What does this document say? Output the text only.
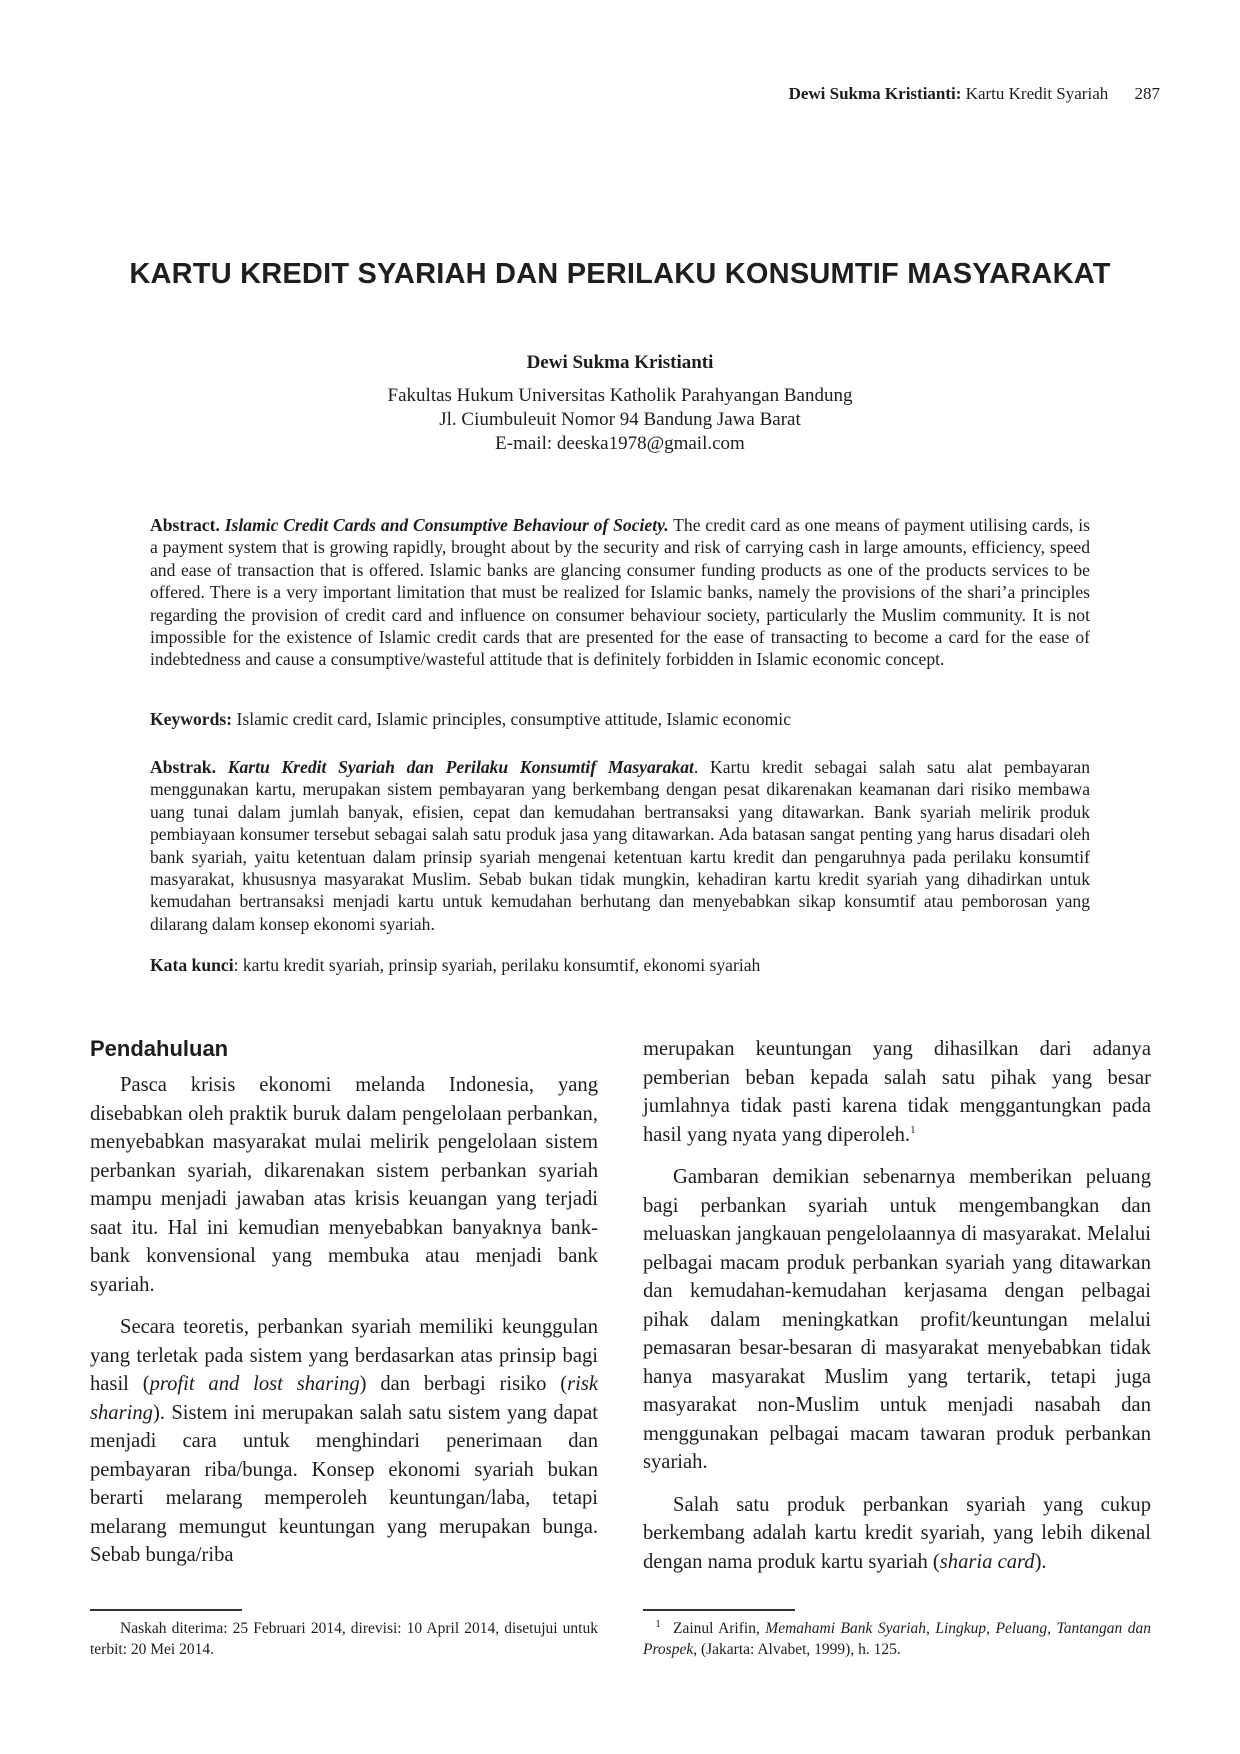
Dewi Sukma Kristianti: Kartu Kredit Syariah 287
KARTU KREDIT SYARIAH DAN PERILAKU KONSUMTIF MASYARAKAT
Dewi Sukma Kristianti
Fakultas Hukum Universitas Katholik Parahyangan Bandung
Jl. Ciumbuleuit Nomor 94 Bandung Jawa Barat
E-mail: deeska1978@gmail.com

Abstract. Islamic Credit Cards and Consumptive Behaviour of Society. The credit card as one means of payment utilising cards, is a payment system that is growing rapidly, brought about by the security and risk of carrying cash in large amounts, efficiency, speed and ease of transaction that is offered. Islamic banks are glancing consumer funding products as one of the products services to be offered. There is a very important limitation that must be realized for Islamic banks, namely the provisions of the shari’a principles regarding the provision of credit card and influence on consumer behaviour society, particularly the Muslim community. It is not impossible for the existence of Islamic credit cards that are presented for the ease of transacting to become a card for the ease of indebtedness and cause a consumptive/wasteful attitude that is definitely forbidden in Islamic economic concept.

Keywords: Islamic credit card, Islamic principles, consumptive attitude, Islamic economic

Abstrak. Kartu Kredit Syariah dan Perilaku Konsumtif Masyarakat. Kartu kredit sebagai salah satu alat pembayaran menggunakan kartu, merupakan sistem pembayaran yang berkembang dengan pesat dikarenakan keamanan dari risiko membawa uang tunai dalam jumlah banyak, efisien, cepat dan kemudahan bertransaksi yang ditawarkan. Bank syariah melirik produk pembiayaan konsumer tersebut sebagai salah satu produk jasa yang ditawarkan. Ada batasan sangat penting yang harus disadari oleh bank syariah, yaitu ketentuan dalam prinsip syariah mengenai ketentuan kartu kredit dan pengaruhnya pada perilaku konsumtif masyarakat, khususnya masyarakat Muslim. Sebab bukan tidak mungkin, kehadiran kartu kredit syariah yang dihadirkan untuk kemudahan bertransaksi menjadi kartu untuk kemudahan berhutang dan menyebabkan sikap konsumtif atau pemborosan yang dilarang dalam konsep ekonomi syariah.

Kata kunci: kartu kredit syariah, prinsip syariah, perilaku konsumtif, ekonomi syariah

Pendahuluan

Pasca krisis ekonomi melanda Indonesia, yang disebabkan oleh praktik buruk dalam pengelolaan perbankan, menyebabkan masyarakat mulai melirik pengelolaan sistem perbankan syariah, dikarenakan sistem perbankan syariah mampu menjadi jawaban atas krisis keuangan yang terjadi saat itu. Hal ini kemudian menyebabkan banyaknya bank-bank konvensional yang membuka atau menjadi bank syariah.

Secara teoretis, perbankan syariah memiliki keunggulan yang terletak pada sistem yang berdasarkan atas prinsip bagi hasil (profit and lost sharing) dan berbagi risiko (risk sharing). Sistem ini merupakan salah satu sistem yang dapat menjadi cara untuk menghindari penerimaan dan pembayaran riba/bunga. Konsep ekonomi syariah bukan berarti melarang memperoleh keuntungan/laba, tetapi melarang memungut keuntungan yang merupakan bunga. Sebab bunga/riba

merupakan keuntungan yang dihasilkan dari adanya pemberian beban kepada salah satu pihak yang besar jumlahnya tidak pasti karena tidak menggantungkan pada hasil yang nyata yang diperoleh.$^1$

Gambaran demikian sebenarnya memberikan peluang bagi perbankan syariah untuk mengembangkan dan meluaskan jangkauan pengelolaannya di masyarakat. Melalui pelbagai macam produk perbankan syariah yang ditawarkan dan kemudahan-kemudahan kerjasama dengan pelbagai pihak dalam meningkatkan profit/keuntungan melalui pemasaran besar-besaran di masyarakat menyebabkan tidak hanya masyarakat Muslim yang tertarik, tetapi juga masyarakat non-Muslim untuk menjadi nasabah dan menggunakan pelbagai macam tawaran produk perbankan syariah.

Salah satu produk perbankan syariah yang cukup berkembang adalah kartu kredit syariah, yang lebih dikenal dengan nama produk kartu syariah (sharia card).

Naskah diterima: 25 Februari 2014, direvisi: 10 April 2014, disetujui untuk terbit: 20 Mei 2014.

$^1$ Zainul Arifin, Memahami Bank Syariah, Lingkup, Peluang, Tantangan dan Prospek, (Jakarta: Alvabet, 1999), h. 125.
